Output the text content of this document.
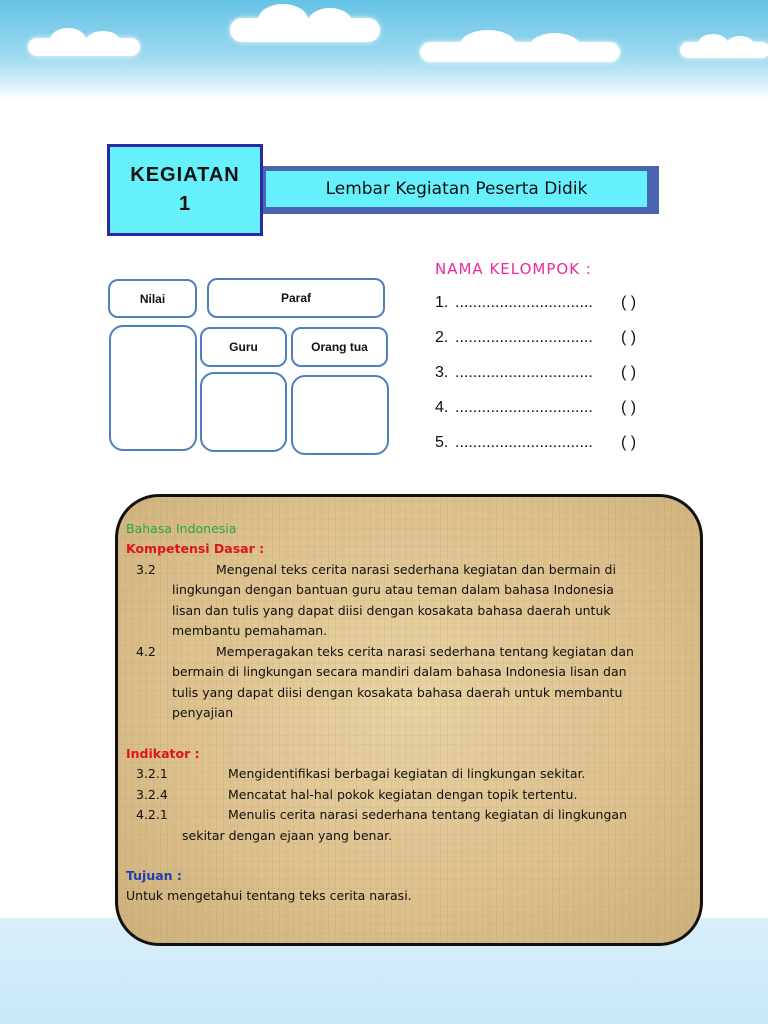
KEGIATAN
1
Lembar Kegiatan Peserta Didik
Nilai	Paraf
Guru	Orang tua
NAMA KELOMPOK :
1. ............................... ( )
2. ............................... ( )
3. ............................... ( )
4. ............................... ( )
5. ............................... ( )
Bahasa Indonesia
Kompetensi Dasar :
3.2	Mengenal teks cerita narasi sederhana kegiatan dan bermain di
lingkungan dengan bantuan guru atau teman dalam bahasa Indonesia
lisan dan tulis yang dapat diisi dengan kosakata bahasa daerah untuk
membantu pemahaman.
4.2	Memperagakan teks cerita narasi sederhana tentang kegiatan dan
bermain di lingkungan secara mandiri dalam bahasa Indonesia lisan dan
tulis yang dapat diisi dengan kosakata bahasa daerah untuk membantu
penyajian
Indikator :
3.2.1	Mengidentifikasi berbagai kegiatan di lingkungan sekitar.
3.2.4	Mencatat hal-hal pokok kegiatan dengan topik tertentu.
4.2.1	Menulis cerita narasi sederhana tentang kegiatan di lingkungan
sekitar dengan ejaan yang benar.
Tujuan :
Untuk mengetahui tentang teks cerita narasi.
